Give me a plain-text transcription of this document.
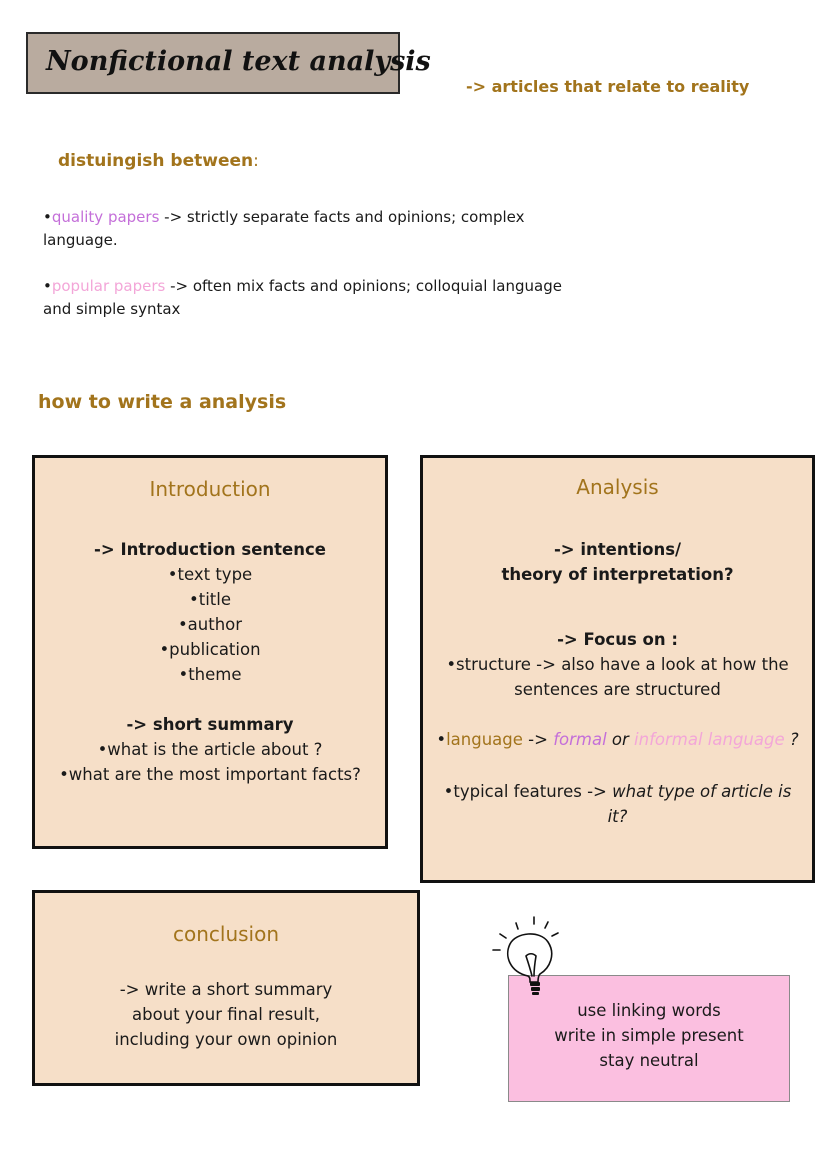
Nonfictional text analysis
-> articles that relate to reality
distuingish between:
•quality papers -> strictly separate facts and opinions; complex
language.
•popular papers -> often mix facts and opinions; colloquial language
and simple syntax
how to write a analysis
Introduction
-> Introduction sentence
•text type
•title
•author
•publication
•theme
-> short summary
•what is the article about ?
•what are the most important facts?
Analysis
-> intentions/
theory of interpretation?
-> Focus on :
•structure -> also have a look at how the
sentences are structured
•language -> formal or informal language ?
•typical features -> what type of article is
it?
conclusion
-> write a short summary
about your final result,
including your own opinion
use linking words
write in simple present
stay neutral
